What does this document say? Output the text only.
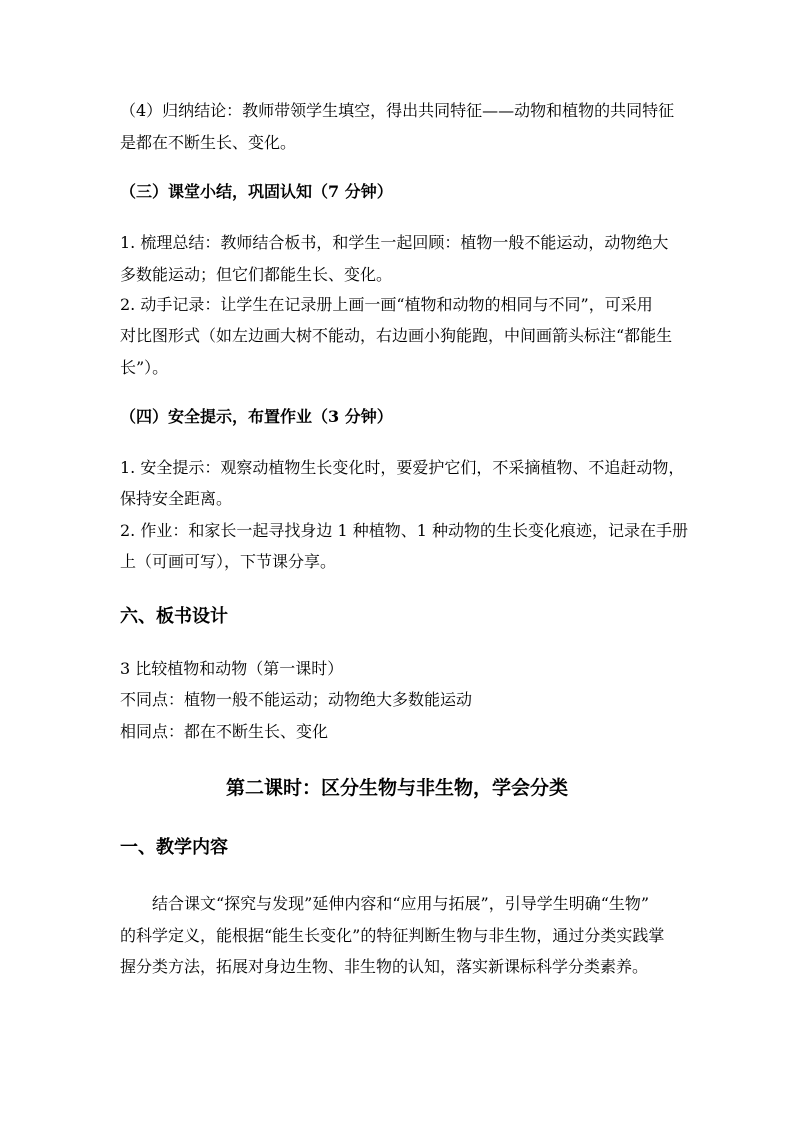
（4）归纳结论：教师带领学生填空，得出共同特征——动物和植物的共同特征
是都在不断生长、变化。
（三）课堂小结，巩固认知（7 分钟）
1. 梳理总结：教师结合板书，和学生一起回顾：植物一般不能运动，动物绝大
多数能运动；但它们都能生长、变化。
2. 动手记录：让学生在记录册上画一画“植物和动物的相同与不同”，可采用
对比图形式（如左边画大树不能动，右边画小狗能跑，中间画箭头标注“都能生
长”）。
（四）安全提示，布置作业（3 分钟）
1. 安全提示：观察动植物生长变化时，要爱护它们，不采摘植物、不追赶动物，
保持安全距离。
2. 作业：和家长一起寻找身边 1 种植物、1 种动物的生长变化痕迹，记录在手册
上（可画可写），下节课分享。
六、板书设计
3 比较植物和动物（第一课时）
不同点：植物一般不能运动；动物绝大多数能运动
相同点：都在不断生长、变化
第二课时：区分生物与非生物，学会分类
一、教学内容
结合课文“探究与发现”延伸内容和“应用与拓展”，引导学生明确“生物”
的科学定义，能根据“能生长变化”的特征判断生物与非生物，通过分类实践掌
握分类方法，拓展对身边生物、非生物的认知，落实新课标科学分类素养。
